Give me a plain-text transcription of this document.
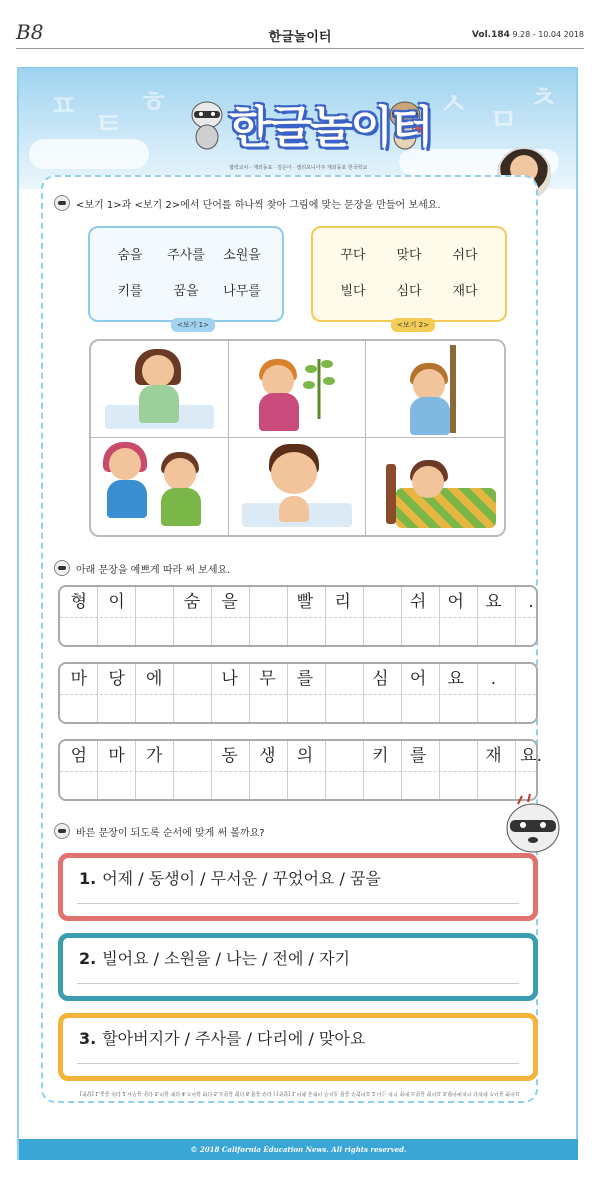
B8	한글놀이터	Vol.184 9.28 - 10.04 2018
ㅍ
ㅌ
ㅎ	ㅅ ㅁ
ㅊ
한글놀이터
협력교사 · 재외동포 · 김은아 · 캘리포니아주 재외동포 한국학교
<보기 1>과 <보기 2>에서 단어를 하나씩 찾아 그림에 맞는 문장을 만들어 보세요.
숨을	주사를	소원을
키를	꿈을	나무를
<보기 1>
꾸다	맞다	쉬다
빌다	심다	재다
<보기 2>
아래 문장을 예쁘게 따라 써 보세요.
형	이	숨	을	빨	리	쉬	어	요	.
마	당	에	나	무	를	심	어	요	.
엄	마	가	동	생	의	키	를	재	요.
바른 문장이 되도록 순서에 맞게 써 볼까요?
1. 어제 / 동생이 / 무서운 / 꾸었어요 / 꿈을
2. 빌어요 / 소원을 / 나는 / 전에 / 자기
3. 할아버지가 / 주사를 / 다리에 / 맞아요
[정답] 1.숨을 쉬다 2.나무를 심다 3.키를 재다 4.주사를 맞다 5.소원을 빌다 6.꿈을 꾸다 | [정답] 1.어제 동생이 무서운 꿈을 꾸었어요 2.나는 자기 전에 소원을 빌어요 3.할아버지가 다리에 주사를 맞아요
© 2018 California Education News. All rights reserved.
